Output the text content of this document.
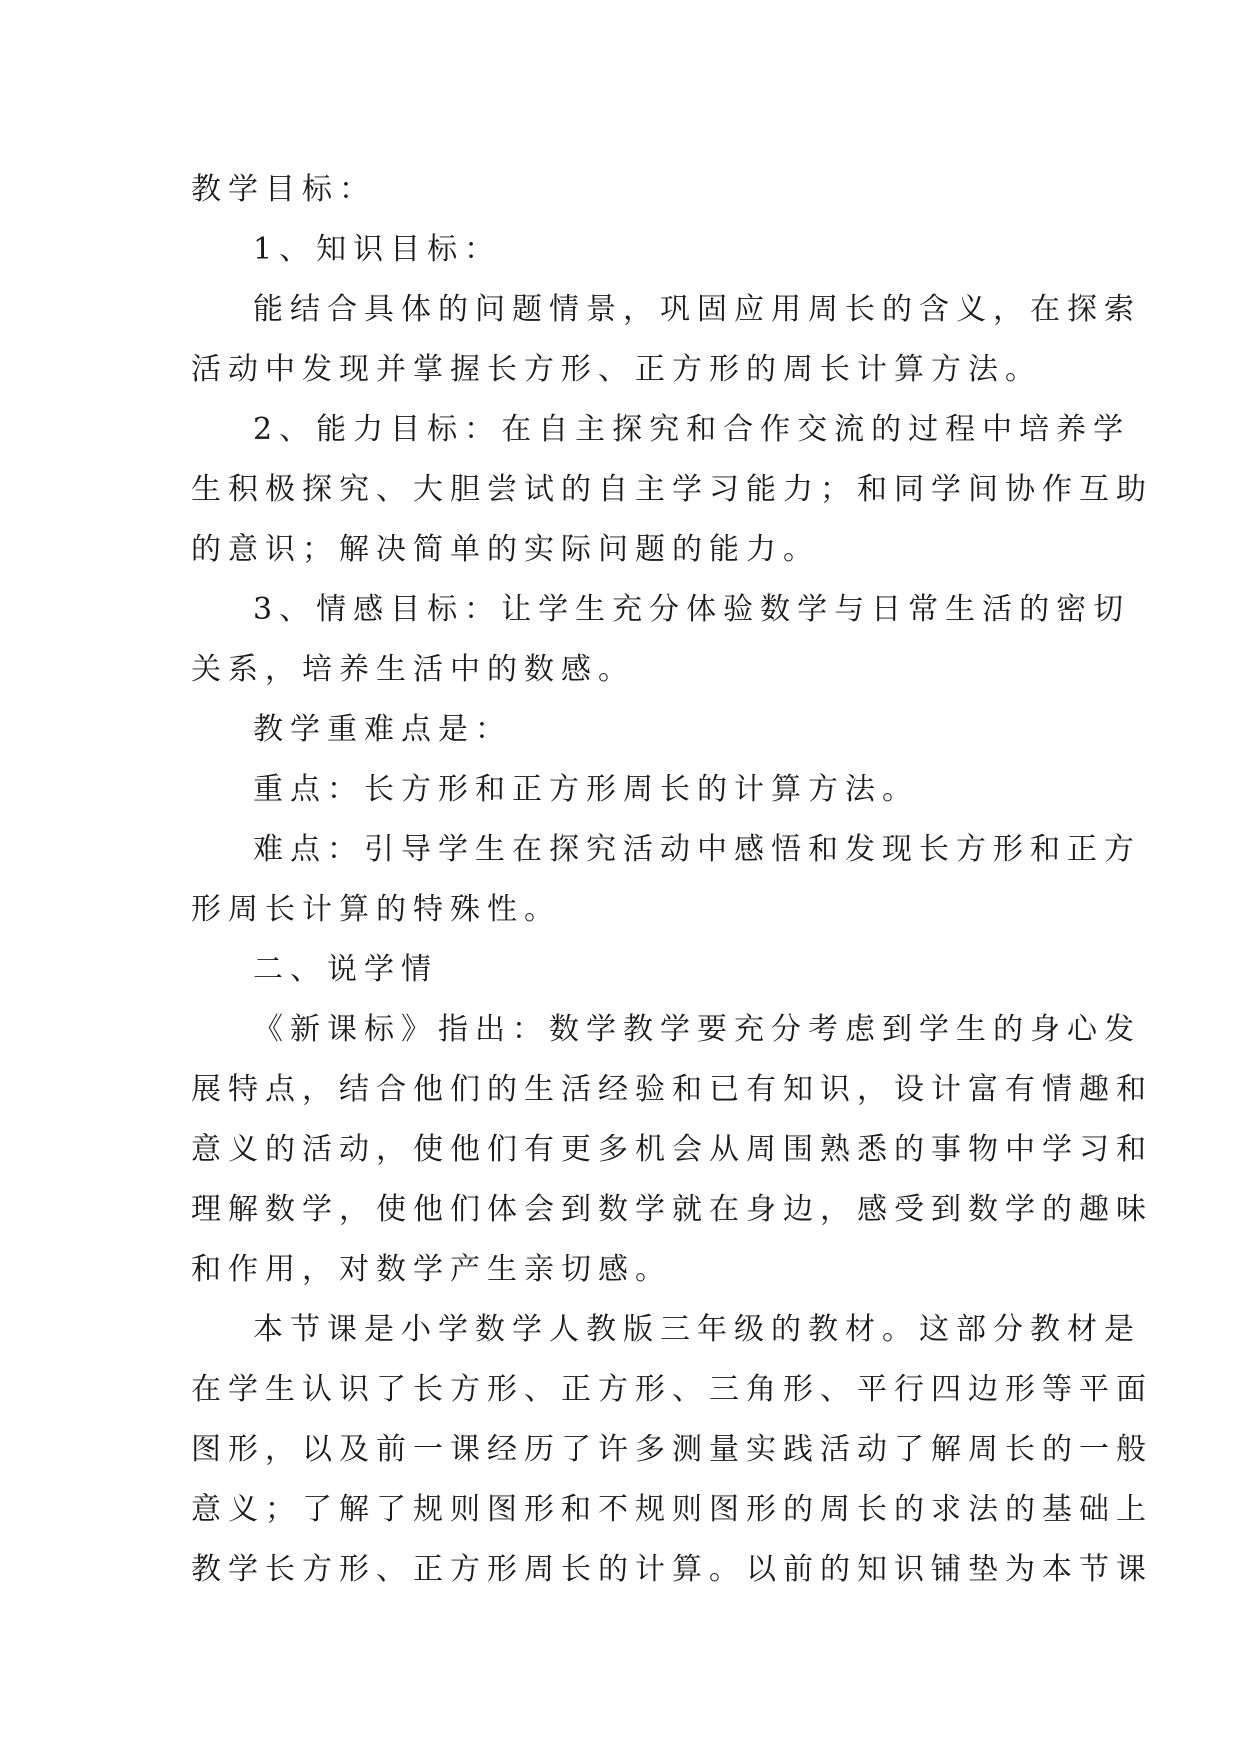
教学目标：
1、知识目标：
能结合具体的问题情景，巩固应用周长的含义，在探索
活动中发现并掌握长方形、正方形的周长计算方法。
2、能力目标：在自主探究和合作交流的过程中培养学
生积极探究、大胆尝试的自主学习能力；和同学间协作互助
的意识；解决简单的实际问题的能力。
3、情感目标：让学生充分体验数学与日常生活的密切
关系，培养生活中的数感。
教学重难点是：
重点：长方形和正方形周长的计算方法。
难点：引导学生在探究活动中感悟和发现长方形和正方
形周长计算的特殊性。
二、说学情
《新课标》指出：数学教学要充分考虑到学生的身心发
展特点，结合他们的生活经验和已有知识，设计富有情趣和
意义的活动，使他们有更多机会从周围熟悉的事物中学习和
理解数学，使他们体会到数学就在身边，感受到数学的趣味
和作用，对数学产生亲切感。
本节课是小学数学人教版三年级的教材。这部分教材是
在学生认识了长方形、正方形、三角形、平行四边形等平面
图形，以及前一课经历了许多测量实践活动了解周长的一般
意义；了解了规则图形和不规则图形的周长的求法的基础上
教学长方形、正方形周长的计算。以前的知识铺垫为本节课
